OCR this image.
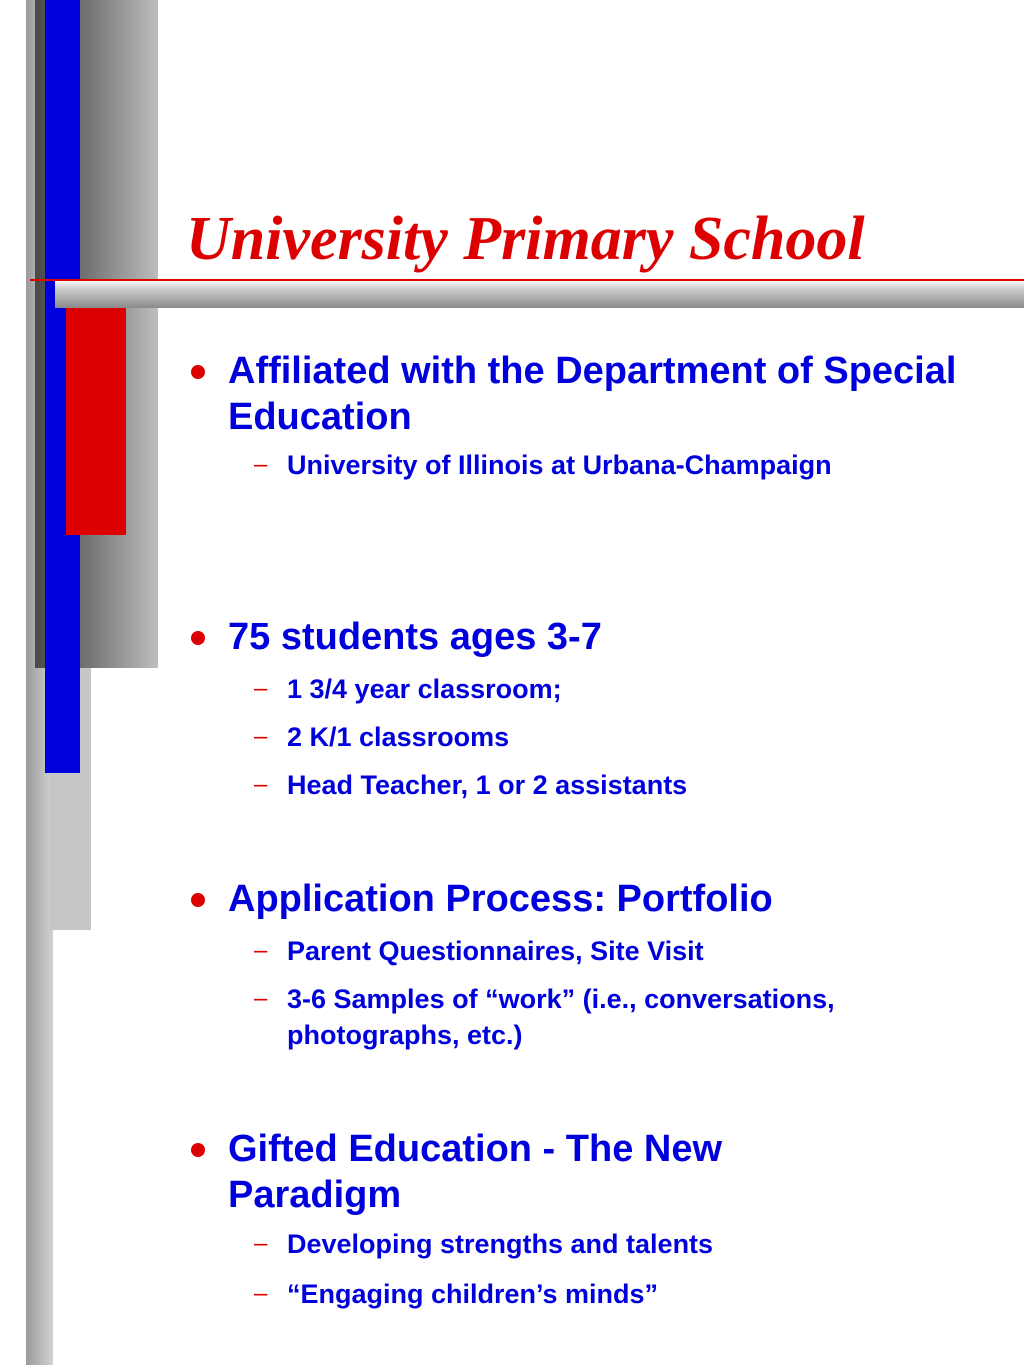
University Primary School
Affiliated with the Department of Special Education
– University of Illinois at Urbana-Champaign
75 students ages 3-7
– 1 3/4 year classroom;
– 2 K/1 classrooms
– Head Teacher, 1 or 2 assistants
Application Process: Portfolio
– Parent Questionnaires, Site Visit
– 3-6 Samples of “work” (i.e., conversations, photographs, etc.)
Gifted Education - The New Paradigm
– Developing strengths and talents
– “Engaging children’s minds”
